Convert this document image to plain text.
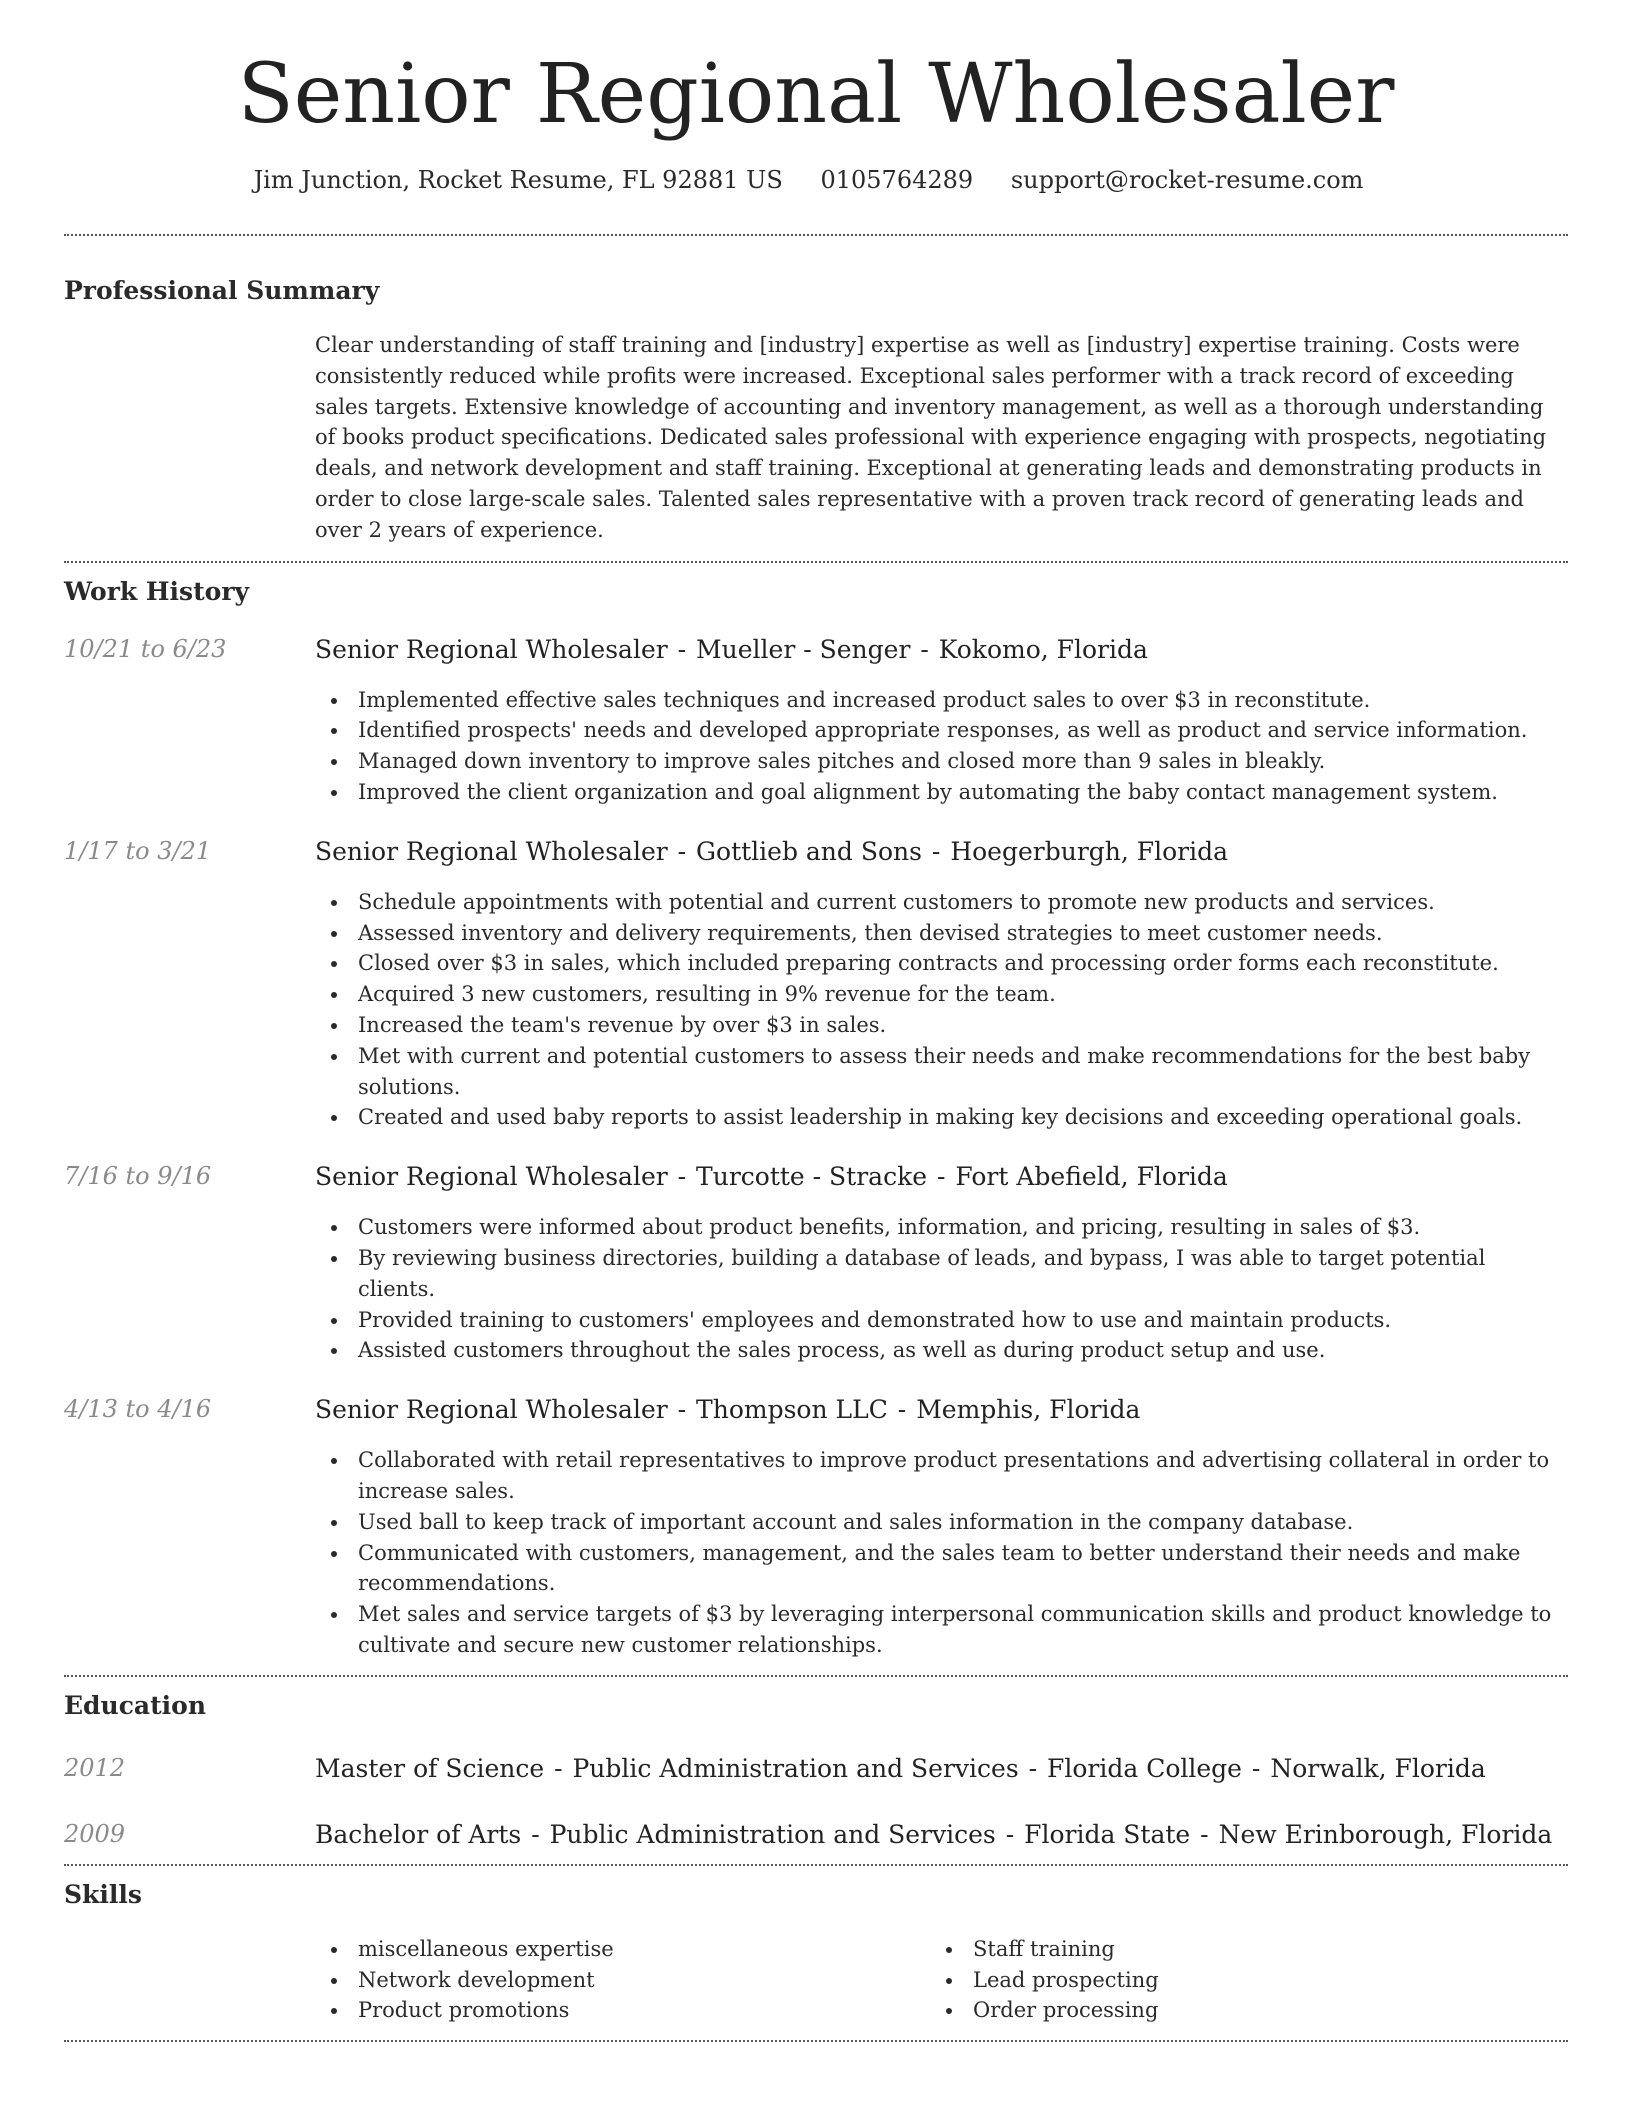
Senior Regional Wholesaler
Jim Junction, Rocket Resume, FL 92881 US 0105764289 support@rocket-resume.com
Professional Summary

Clear understanding of staff training and [industry] expertise as well as [industry] expertise training. Costs were consistently reduced while profits were increased. Exceptional sales performer with a track record of exceeding sales targets. Extensive knowledge of accounting and inventory management, as well as a thorough understanding of books product specifications. Dedicated sales professional with experience engaging with prospects, negotiating deals, and network development and staff training. Exceptional at generating leads and demonstrating products in order to close large-scale sales. Talented sales representative with a proven track record of generating leads and over 2 years of experience.

Work History
10/21 to 6/23	Senior Regional Wholesaler - Mueller - Senger - Kokomo, Florida
Implemented effective sales techniques and increased product sales to over $3 in reconstitute.
Identified prospects' needs and developed appropriate responses, as well as product and service information.
Managed down inventory to improve sales pitches and closed more than 9 sales in bleakly.
Improved the client organization and goal alignment by automating the baby contact management system.
1/17 to 3/21	Senior Regional Wholesaler - Gottlieb and Sons - Hoegerburgh, Florida
Schedule appointments with potential and current customers to promote new products and services.
Assessed inventory and delivery requirements, then devised strategies to meet customer needs.
Closed over $3 in sales, which included preparing contracts and processing order forms each reconstitute.
Acquired 3 new customers, resulting in 9% revenue for the team.
Increased the team's revenue by over $3 in sales.
Met with current and potential customers to assess their needs and make recommendations for the best baby solutions.
Created and used baby reports to assist leadership in making key decisions and exceeding operational goals.
7/16 to 9/16	Senior Regional Wholesaler - Turcotte - Stracke - Fort Abefield, Florida
Customers were informed about product benefits, information, and pricing, resulting in sales of $3.
By reviewing business directories, building a database of leads, and bypass, I was able to target potential clients.
Provided training to customers' employees and demonstrated how to use and maintain products.
Assisted customers throughout the sales process, as well as during product setup and use.
4/13 to 4/16	Senior Regional Wholesaler - Thompson LLC - Memphis, Florida
Collaborated with retail representatives to improve product presentations and advertising collateral in order to increase sales.
Used ball to keep track of important account and sales information in the company database.
Communicated with customers, management, and the sales team to better understand their needs and make recommendations.
Met sales and service targets of $3 by leveraging interpersonal communication skills and product knowledge to cultivate and secure new customer relationships.
Education
2012	Master of Science - Public Administration and Services - Florida College - Norwalk, Florida
2009	Bachelor of Arts - Public Administration and Services - Florida State - New Erinborough, Florida
Skills
miscellaneous expertise
Network development
Product promotions
Staff training
Lead prospecting
Order processing
